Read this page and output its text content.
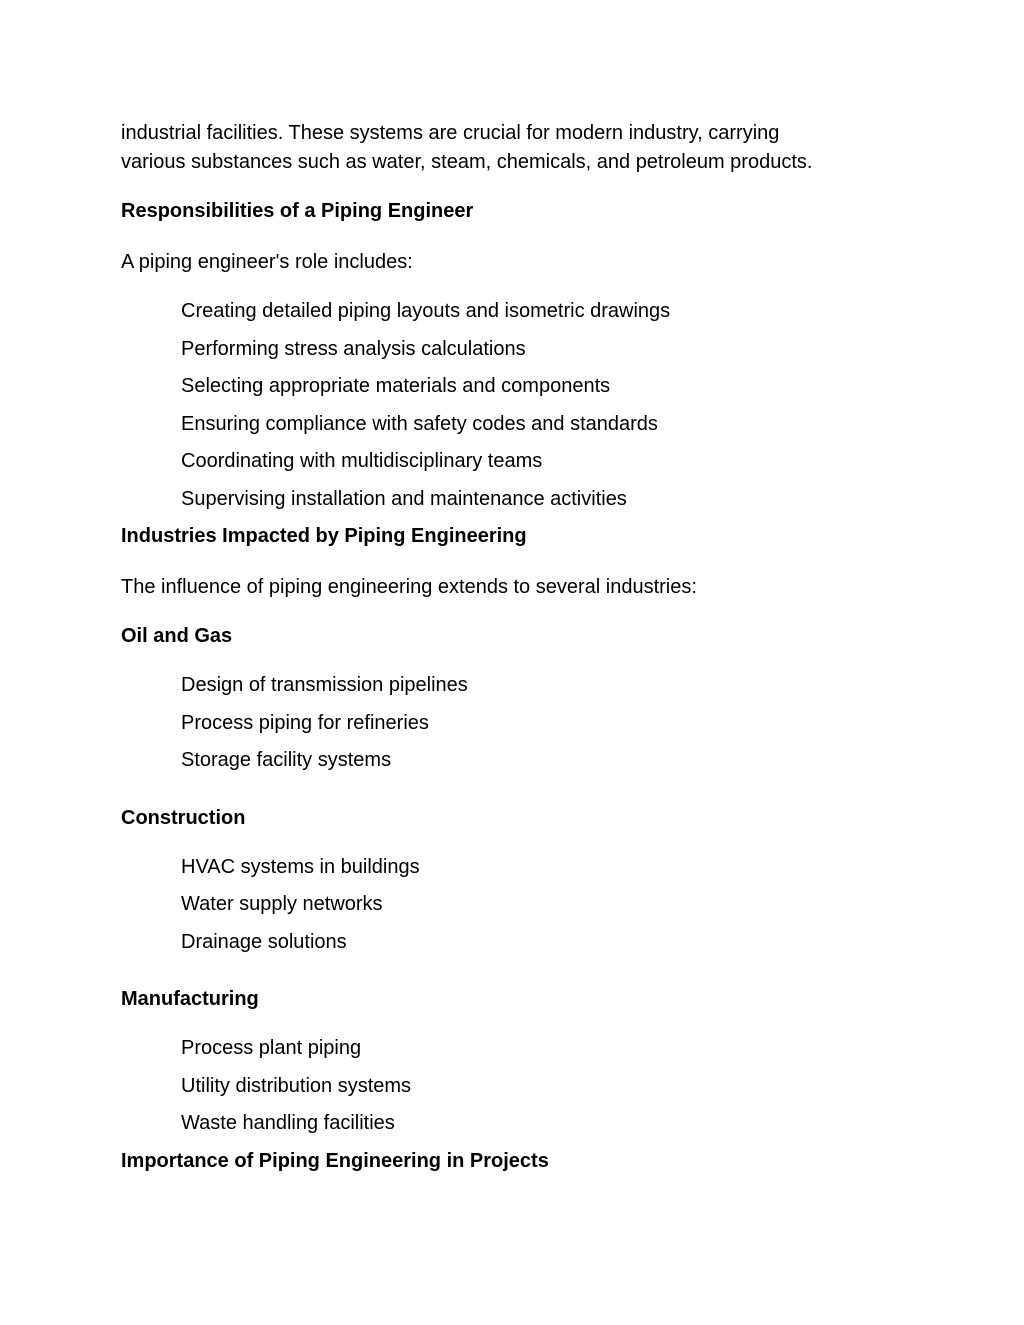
industrial facilities. These systems are crucial for modern industry, carrying

various substances such as water, steam, chemicals, and petroleum products.

Responsibilities of a Piping Engineer

A piping engineer's role includes:

Creating detailed piping layouts and isometric drawings

Performing stress analysis calculations

Selecting appropriate materials and components

Ensuring compliance with safety codes and standards

Coordinating with multidisciplinary teams

Supervising installation and maintenance activities

Industries Impacted by Piping Engineering

The influence of piping engineering extends to several industries:

Oil and Gas

Design of transmission pipelines

Process piping for refineries

Storage facility systems

Construction

HVAC systems in buildings

Water supply networks

Drainage solutions

Manufacturing

Process plant piping

Utility distribution systems

Waste handling facilities

Importance of Piping Engineering in Projects
